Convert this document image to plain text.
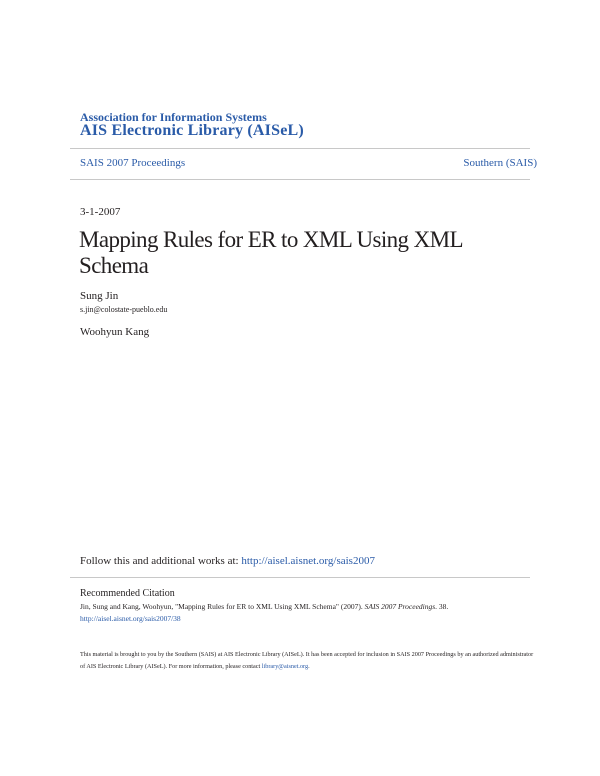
Association for Information Systems
AIS Electronic Library (AISeL)
SAIS 2007 Proceedings	Southern (SAIS)
3-1-2007
Mapping Rules for ER to XML Using XML Schema
Sung Jin
s.jin@colostate-pueblo.edu
Woohyun Kang
Follow this and additional works at: http://aisel.aisnet.org/sais2007
Recommended Citation
Jin, Sung and Kang, Woohyun, "Mapping Rules for ER to XML Using XML Schema" (2007). SAIS 2007 Proceedings. 38.
http://aisel.aisnet.org/sais2007/38
This material is brought to you by the Southern (SAIS) at AIS Electronic Library (AISeL). It has been accepted for inclusion in SAIS 2007 Proceedings by an authorized administrator of AIS Electronic Library (AISeL). For more information, please contact library@aisnet.org.
